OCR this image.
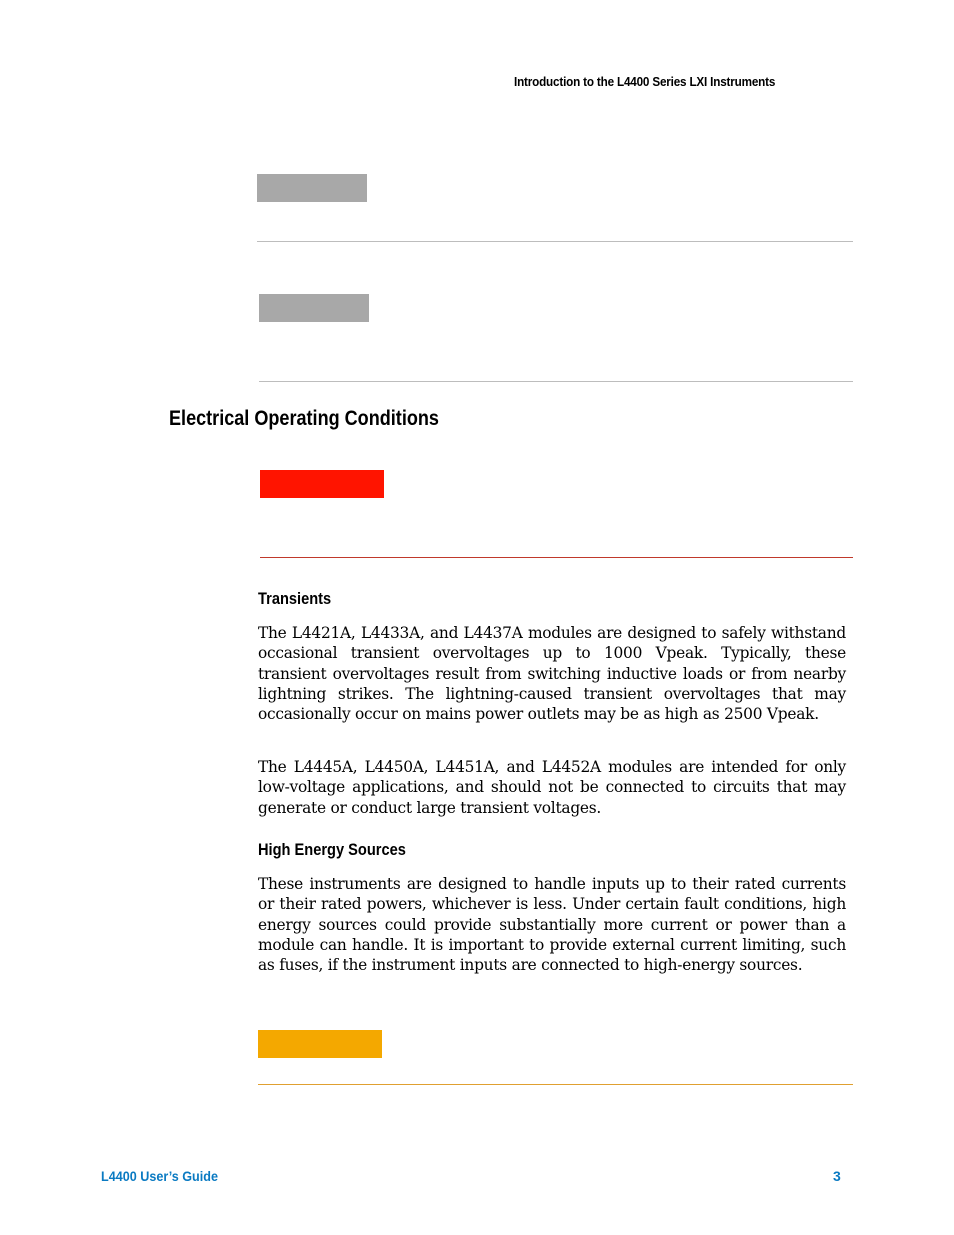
Introduction to the L4400 Series LXI Instruments
Electrical Operating Conditions
Transients
The L4421A, L4433A, and L4437A modules are designed to safely withstand occasional transient overvoltages up to 1000 Vpeak. Typically, these transient overvoltages result from switching inductive loads or from nearby lightning strikes. The lightning-caused transient overvoltages that may occasionally occur on mains power outlets may be as high as 2500 Vpeak.
The L4445A, L4450A, L4451A, and L4452A modules are intended for only low-voltage applications, and should not be connected to circuits that may generate or conduct large transient voltages.
High Energy Sources
These instruments are designed to handle inputs up to their rated currents or their rated powers, whichever is less. Under certain fault conditions, high energy sources could provide substantially more current or power than a module can handle. It is important to provide external current limiting, such as fuses, if the instrument inputs are connected to high-energy sources.
L4400 User’s Guide	3
